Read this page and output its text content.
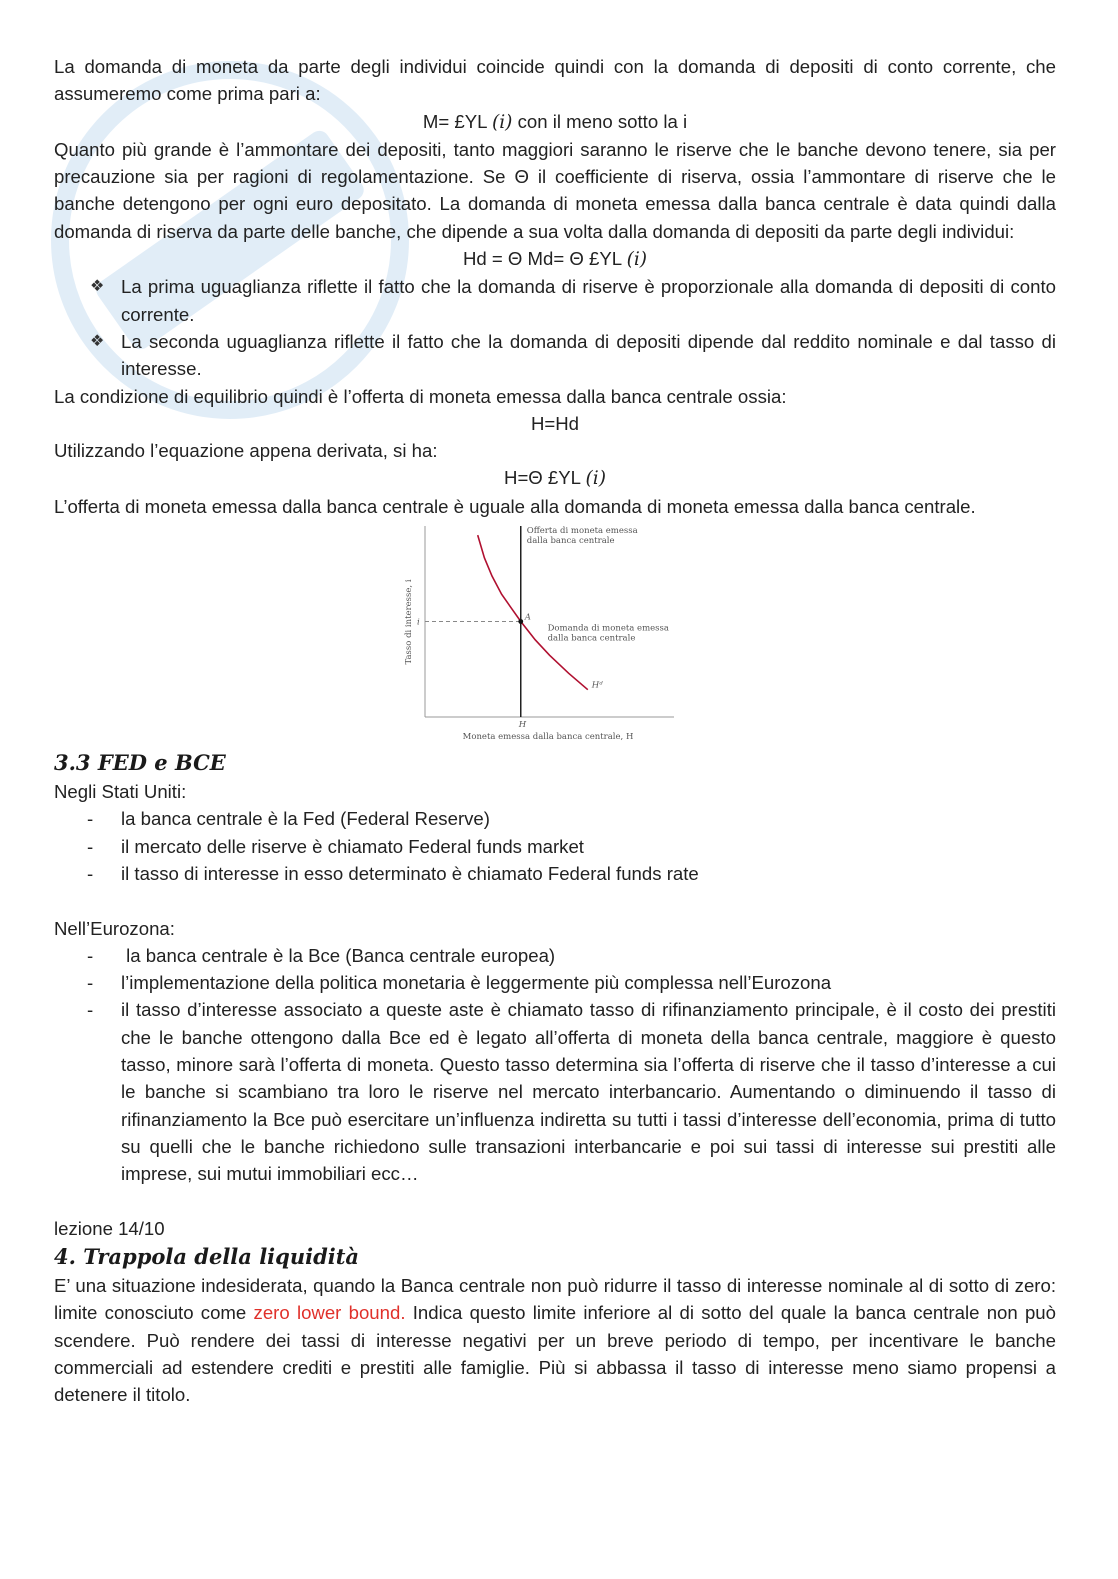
La domanda di moneta da parte degli individui coincide quindi con la domanda di depositi di conto corrente, che assumeremo come prima pari a:

M= £YL (i) con il meno sotto la i

Quanto più grande è l’ammontare dei depositi, tanto maggiori saranno le riserve che le banche devono tenere, sia per precauzione sia per ragioni di regolamentazione. Se Θ il coefficiente di riserva, ossia l’ammontare di riserve che le banche detengono per ogni euro depositato. La domanda di moneta emessa dalla banca centrale è data quindi dalla domanda di riserva da parte delle banche, che dipende a sua volta dalla domanda di depositi da parte degli individui:

Hd = Θ Md= Θ £YL (i)

❖ La prima uguaglianza riflette il fatto che la domanda di riserve è proporzionale alla domanda di depositi di conto corrente.
❖ La seconda uguaglianza riflette il fatto che la domanda di depositi dipende dal reddito nominale e dal tasso di interesse.

La condizione di equilibrio quindi è l’offerta di moneta emessa dalla banca centrale ossia:

H=Hd

Utilizzando l’equazione appena derivata, si ha:

H=Θ £YL (i)

L’offerta di moneta emessa dalla banca centrale è uguale alla domanda di moneta emessa dalla banca centrale.

Tasso di interesse, i
Moneta emessa dalla banca centrale, H
A
i
H
Offerta di moneta emessa dalla banca centrale
Domanda di moneta emessa dalla banca centrale
Hᵈ
3.3 FED e BCE

Negli Stati Uniti:

- la banca centrale è la Fed (Federal Reserve)
- il mercato delle riserve è chiamato Federal funds market
- il tasso di interesse in esso determinato è chiamato Federal funds rate

Nell’Eurozona:

- la banca centrale è la Bce (Banca centrale europea)
- l’implementazione della politica monetaria è leggermente più complessa nell’Eurozona
- il tasso d’interesse associato a queste aste è chiamato tasso di rifinanziamento principale, è il costo dei prestiti che le banche ottengono dalla Bce ed è legato all’offerta di moneta della banca centrale, maggiore è questo tasso, minore sarà l’offerta di moneta. Questo tasso determina sia l’offerta di riserve che il tasso d’interesse a cui le banche si scambiano tra loro le riserve nel mercato interbancario. Aumentando o diminuendo il tasso di rifinanziamento la Bce può esercitare un’influenza indiretta su tutti i tassi d’interesse dell’economia, prima di tutto su quelli che le banche richiedono sulle transazioni interbancarie e poi sui tassi di interesse sui prestiti alle imprese, sui mutui immobiliari ecc…

lezione 14/10

4. Trappola della liquidità

E’ una situazione indesiderata, quando la Banca centrale non può ridurre il tasso di interesse nominale al di sotto di zero: limite conosciuto come zero lower bound. Indica questo limite inferiore al di sotto del quale la banca centrale non può scendere. Può rendere dei tassi di interesse negativi per un breve periodo di tempo, per incentivare le banche commerciali ad estendere crediti e prestiti alle famiglie. Più si abbassa il tasso di interesse meno siamo propensi a detenere il titolo.
